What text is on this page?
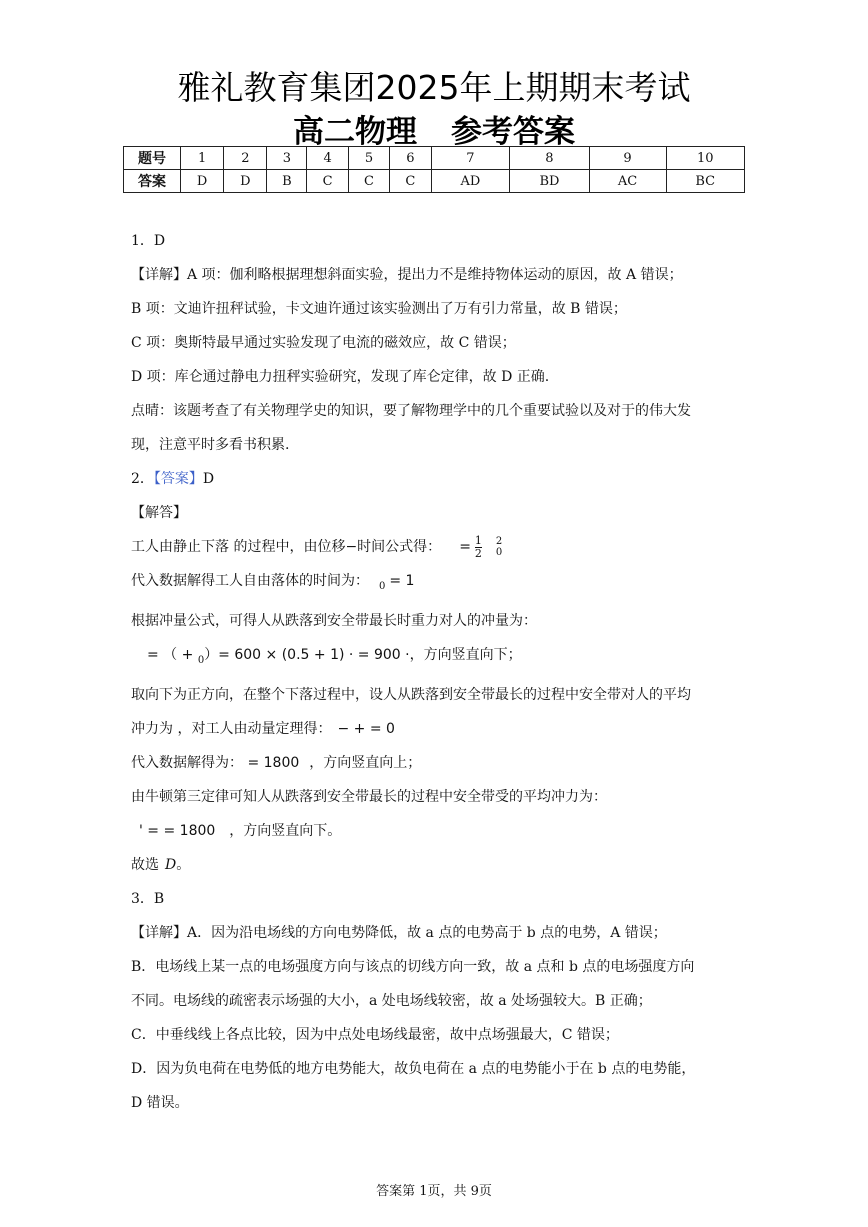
雅礼教育集团2025年上期期末考试
高二物理 参考答案
题号	1	2	3	4	5	6	7	8	9	10
答案	D	D	B	C	C	C	AD	BD	AC	BC

1．D

【详解】A 项：伽利略根据理想斜面实验，提出力不是维持物体运动的原因，故 A 错误；

B 项：文迪许扭秤试验，卡文迪许通过该实验测出了万有引力常量，故 B 错误；

C 项：奥斯特最早通过实验发现了电流的磁效应，故 C 错误；

D 项：库仑通过静电力扭秤实验研究，发现了库仑定律，故 D 正确.

点晴：该题考查了有关物理学史的知识，要了解物理学中的几个重要试验以及对于的伟大发

现，注意平时多看书积累.

2．【答案】D

【解答】

工人由静止下落 的过程中，由位移−时间公式得： = $\frac{1}{2} 2$
0

代入数据解得工人自由落体的时间为： $_0$ = 1

根据冲量公式，可得人从跌落到安全带最长时重力对人的冲量为：

= （ + $_0$）= 600 × (0.5 + 1) · = 900 ·，方向竖直向下；

取向下为正方向，在整个下落过程中，设人从跌落到安全带最长的过程中安全带对人的平均

冲力为 ，对工人由动量定理得： − + = 0

代入数据解得为： = 1800 ，方向竖直向上；

由牛顿第三定律可知人从跌落到安全带最长的过程中安全带受的平均冲力为：

' = = 1800 ，方向竖直向下。

故选 D。

3．B

【详解】A．因为沿电场线的方向电势降低，故 a 点的电势高于 b 点的电势，A 错误；

B．电场线上某一点的电场强度方向与该点的切线方向一致，故 a 点和 b 点的电场强度方向

不同。电场线的疏密表示场强的大小，a 处电场线较密，故 a 处场强较大。B 正确；

C．中垂线线上各点比较，因为中点处电场线最密，故中点场强最大，C 错误；

D．因为负电荷在电势低的地方电势能大，故负电荷在 a 点的电势能小于在 b 点的电势能，

D 错误。

答案第 1页，共 9页
